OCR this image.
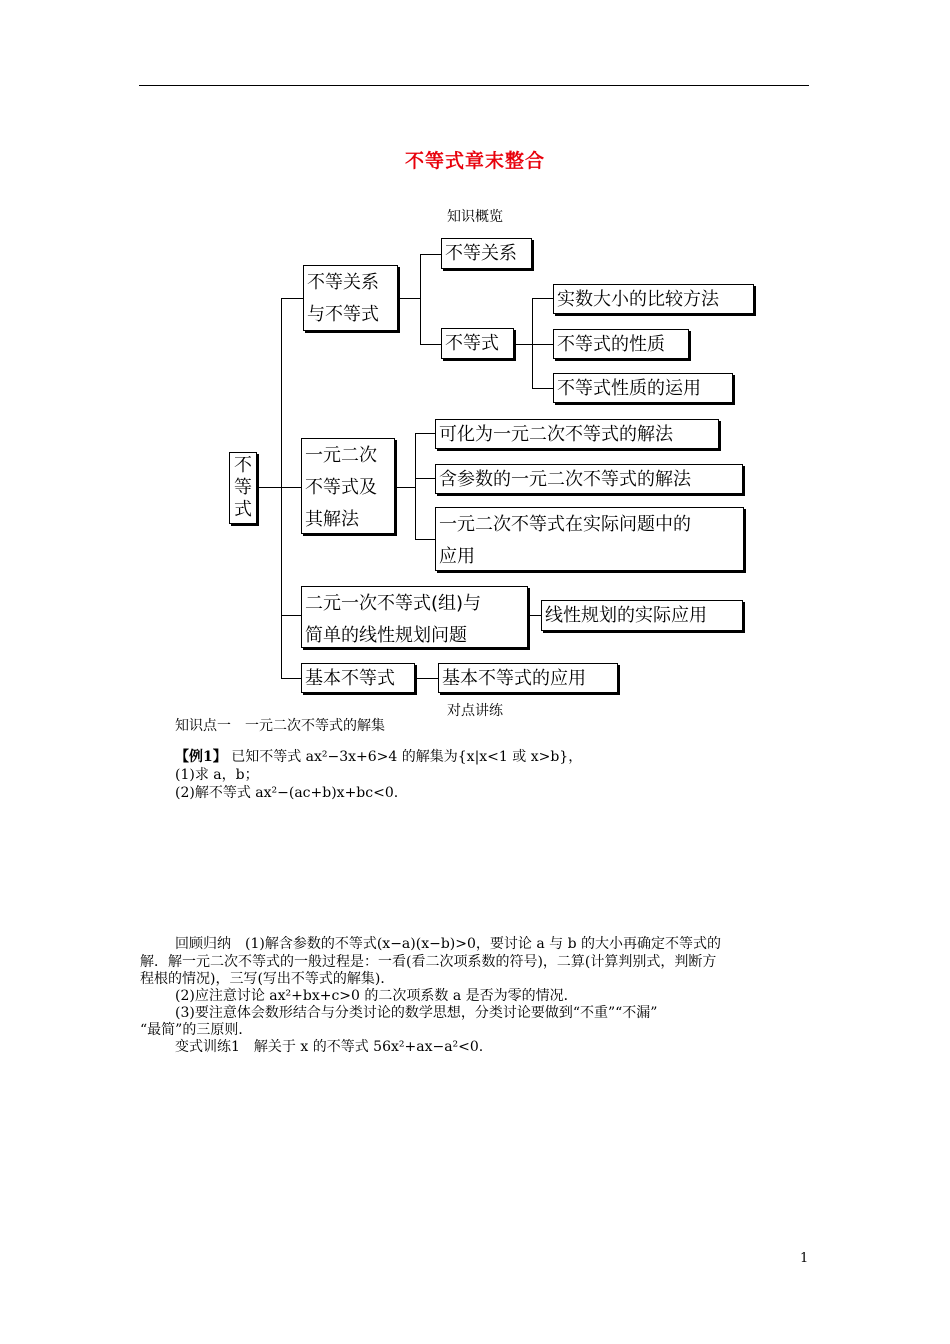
不等式章末整合
知识概览
不等式
不等关系
与不等式
不等关系
不等式
实数大小的比较方法
不等式的性质
不等式性质的运用
一元二次
不等式及
其解法
可化为一元二次不等式的解法
含参数的一元二次不等式的解法
一元二次不等式在实际问题中的
应用
二元一次不等式(组)与
简单的线性规划问题
线性规划的实际应用
基本不等式	基本不等式的应用
对点讲练
知识点一　一元二次不等式的解集
【例1】 已知不等式 ax²−3x+6>4 的解集为{x|x<1 或 x>b}，
(1)求 a，b；
(2)解不等式 ax²−(ac+b)x+bc<0.
回顾归纳　 (1)解含参数的不等式(x−a)(x−b)>0，要讨论 a 与 b 的大小再确定不等式的
解．解一元二次不等式的一般过程是：一看(看二次项系数的符号)，二算(计算判别式，判断方
程根的情况)，三写(写出不等式的解集)．
(2)应注意讨论 ax²+bx+c>0 的二次项系数 a 是否为零的情况．
(3)要注意体会数形结合与分类讨论的数学思想，分类讨论要做到“不重”“不漏”
“最简”的三原则．
变式训练1　 解关于 x 的不等式 56x²+ax−a²<0.
1
